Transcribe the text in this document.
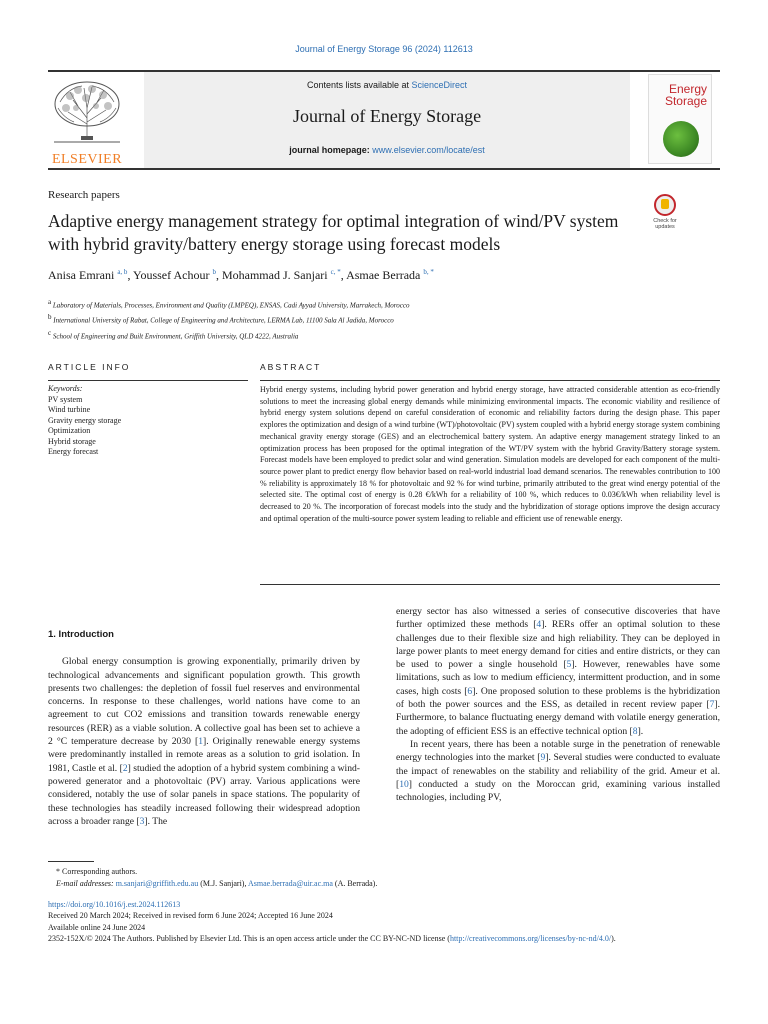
Journal of Energy Storage 96 (2024) 112613
ELSEVIER
Contents lists available at ScienceDirect
Journal of Energy Storage
journal homepage: www.elsevier.com/locate/est
Energy
Storage
Research papers
Adaptive energy management strategy for optimal integration of wind/PV system with hybrid gravity/battery energy storage using forecast models
Check for
updates
Anisa Emrani $^{a, b}$, Youssef Achour $^b$, Mohammad J. Sanjari $^{c, *}$, Asmae Berrada $^{b, *}$
$^a$ Laboratory of Materials, Processes, Environment and Quality (LMPEQ), ENSAS, Cadi Ayyad University, Marrakech, Morocco
$^b$ International University of Rabat, College of Engineering and Architecture, LERMA Lab, 11100 Sala Al Jadida, Morocco
$^c$ School of Engineering and Built Environment, Griffith University, QLD 4222, Australia
ARTICLE INFO	ABSTRACT
Keywords:
PV system
Wind turbine
Gravity energy storage
Optimization
Hybrid storage
Energy forecast
Hybrid energy systems, including hybrid power generation and hybrid energy storage, have attracted considerable attention as eco-friendly solutions to meet the increasing global energy demands while minimizing environmental impacts. The economic viability and resilience of hybrid energy system solutions depend on careful consideration of economic and reliability factors during the design phase. This paper explores the optimization and design of a wind turbine (WT)/photovoltaic (PV) system coupled with a hybrid energy storage system combining mechanical gravity energy storage (GES) and an electrochemical battery system. An adaptive energy management strategy linked to an optimization process has been proposed for the optimal integration of the WT/PV system with the hybrid Gravity/Battery storage system. Forecast models have been employed to predict solar and wind generation. Simulation models are developed for each component of the multi-source power plant to predict energy flow behavior based on real-world industrial load demand scenarios. The renewables contribution to 100 % reliability is approximately 18 % for photovoltaic and 92 % for wind turbine, primarily attributed to the great wind energy potential of the selected site. The optimal cost of energy is 0.28 €/kWh for a reliability of 100 %, which reduces to 0.03€/kWh when reliability level is decreased to 20 %. The incorporation of forecast models into the study and the hybridization of storage options improve the design accuracy and optimal operation of the multi-source power system leading to reliable and efficient use of renewable energy.
1. Introduction

Global energy consumption is growing exponentially, primarily driven by technological advancements and significant population growth. This growth presents two challenges: the depletion of fossil fuel reserves and environmental concerns. In response to these challenges, world nations have come to an agreement to cut CO2 emissions and transition towards renewable energy resources (RER) as a viable solution. A collective goal has been set to achieve a 2 °C temperature decrease by 2030 [1]. Originally renewable energy systems were predominantly installed in remote areas as a solution to grid isolation. In 1981, Castle et al. [2] studied the adoption of a hybrid system combining a wind-powered generator and a photovoltaic (PV) array. Various applications were considered, notably the use of solar panels in space stations. The popularity of these technologies has steadily increased following their widespread adoption across a broader range [3]. The

energy sector has also witnessed a series of consecutive discoveries that have further optimized these methods [4]. RERs offer an optimal solution to these challenges due to their flexible size and high reliability. They can be deployed in large power plants to meet energy demand for cities and entire districts, or they can be used to power a single household [5]. However, renewables have some limitations, such as low to medium efficiency, intermittent production, and in some cases, high costs [6]. One proposed solution to these problems is the hybridization of both the power sources and the ESS, as detailed in recent review paper [7]. Furthermore, to balance fluctuating energy demand with volatile energy generation, the adopting of efficient ESS is an effective technical option [8].

In recent years, there has been a notable surge in the penetration of renewable energy technologies into the market [9]. Several studies were conducted to evaluate the impact of renewables on the stability and reliability of the grid. Ameur et al. [10] conducted a study on the Moroccan grid, examining various installed technologies, including PV,

* Corresponding authors.
E-mail addresses: m.sanjari@griffith.edu.au (M.J. Sanjari), Asmae.berrada@uir.ac.ma (A. Berrada).
https://doi.org/10.1016/j.est.2024.112613
Received 20 March 2024; Received in revised form 6 June 2024; Accepted 16 June 2024
Available online 24 June 2024
2352-152X/© 2024 The Authors. Published by Elsevier Ltd. This is an open access article under the CC BY-NC-ND license (http://creativecommons.org/licenses/by-nc-nd/4.0/).
